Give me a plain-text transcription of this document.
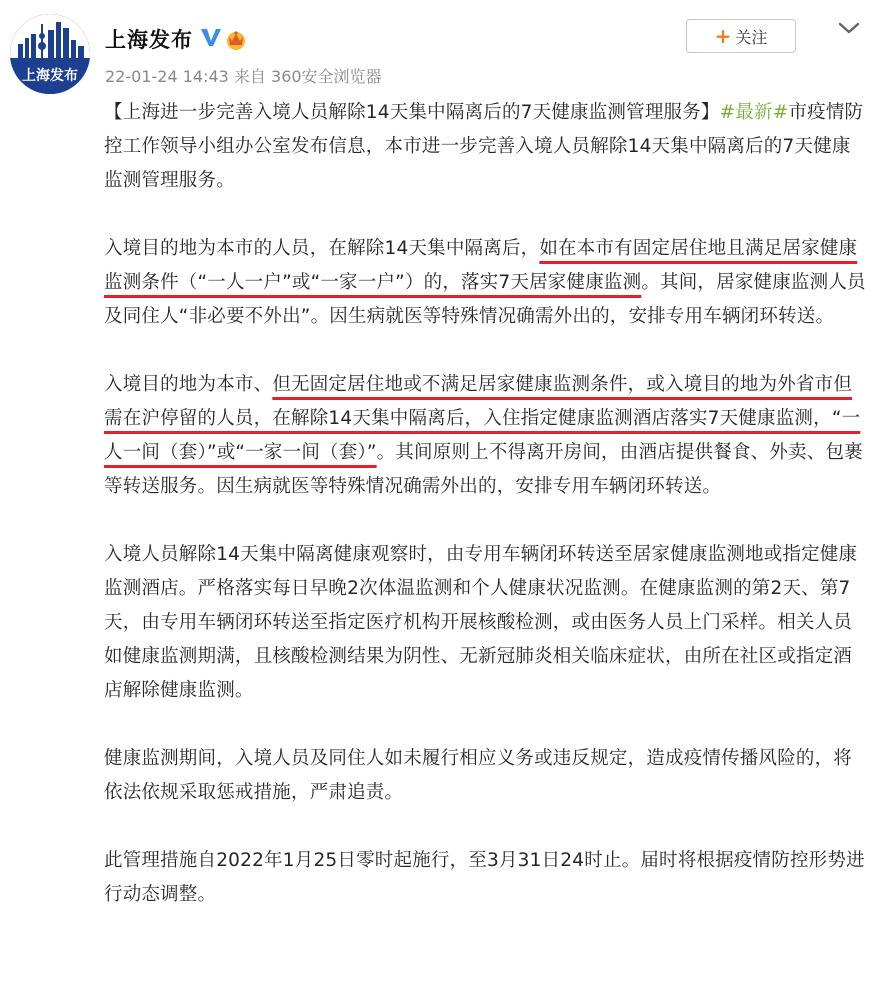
上海发布
上海发布
22-01-24 14:43 来自 360安全浏览器
+ 关注

【上海进一步完善入境人员解除14天集中隔离后的7天健康监测管理服务】#最新#市疫情防控工作领导小组办公室发布信息，本市进一步完善入境人员解除14天集中隔离后的7天健康监测管理服务。

入境目的地为本市的人员，在解除14天集中隔离后，如在本市有固定居住地且满足居家健康监测条件（“一人一户”或“一家一户”）的，落实7天居家健康监测。其间，居家健康监测人员及同住人“非必要不外出”。因生病就医等特殊情况确需外出的，安排专用车辆闭环转送。

入境目的地为本市、但无固定居住地或不满足居家健康监测条件，或入境目的地为外省市但需在沪停留的人员，在解除14天集中隔离后，入住指定健康监测酒店落实7天健康监测，“一人一间（套）”或“一家一间（套）”。其间原则上不得离开房间，由酒店提供餐食、外卖、包裹等转送服务。因生病就医等特殊情况确需外出的，安排专用车辆闭环转送。

入境人员解除14天集中隔离健康观察时，由专用车辆闭环转送至居家健康监测地或指定健康监测酒店。严格落实每日早晚2次体温监测和个人健康状况监测。在健康监测的第2天、第7天，由专用车辆闭环转送至指定医疗机构开展核酸检测，或由医务人员上门采样。相关人员如健康监测期满，且核酸检测结果为阴性、无新冠肺炎相关临床症状，由所在社区或指定酒店解除健康监测。

健康监测期间，入境人员及同住人如未履行相应义务或违反规定，造成疫情传播风险的，将依法依规采取惩戒措施，严肃追责。

此管理措施自2022年1月25日零时起施行，至3月31日24时止。届时将根据疫情防控形势进行动态调整。
